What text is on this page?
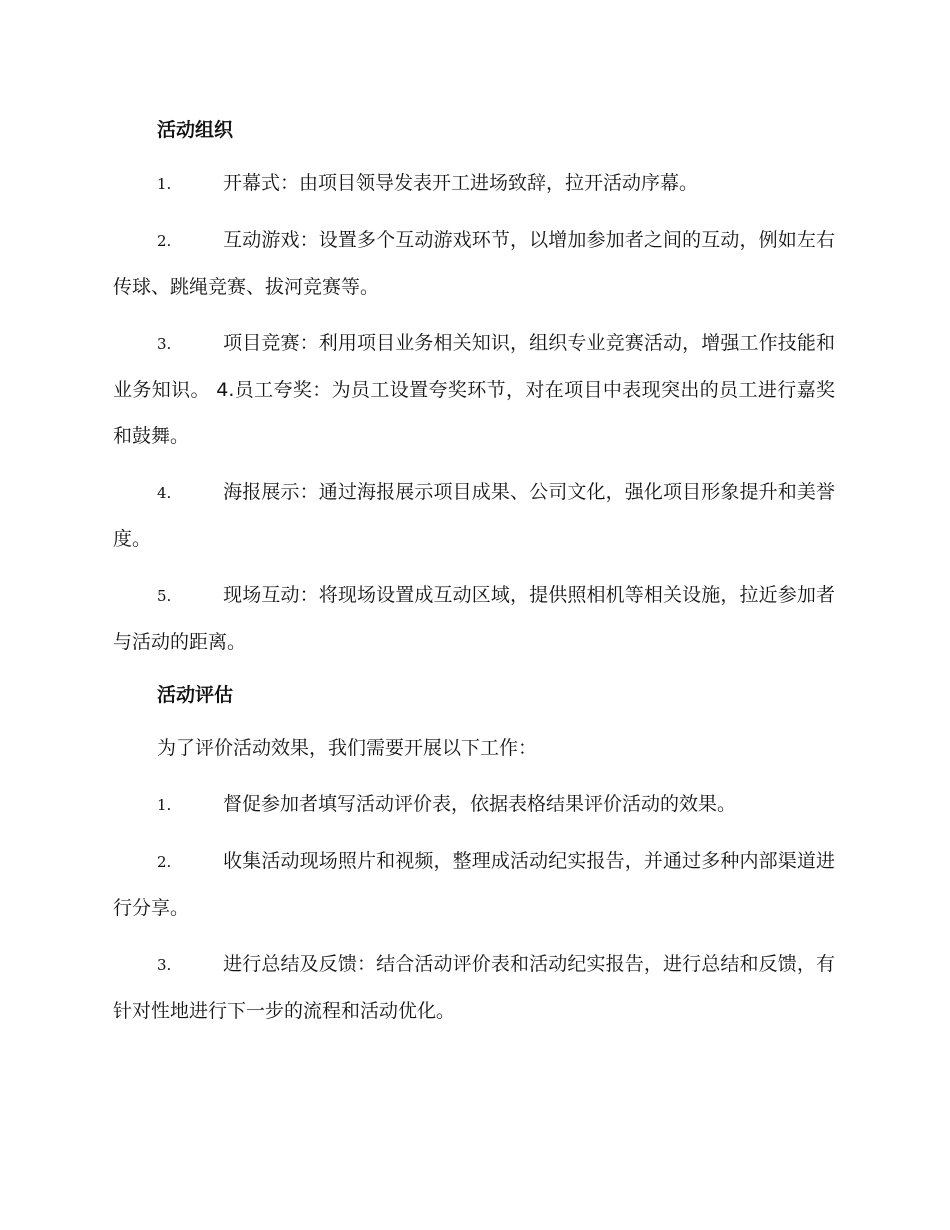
活动组织

1.	开幕式：由项目领导发表开工进场致辞，拉开活动序幕。

2.	互动游戏：设置多个互动游戏环节，以增加参加者之间的互动，例如左右传球、跳绳竞赛、拔河竞赛等。

3.	项目竞赛：利用项目业务相关知识，组织专业竞赛活动，增强工作技能和业务知识。 4.员工夸奖：为员工设置夸奖环节，对在项目中表现突出的员工进行嘉奖和鼓舞。

4.	海报展示：通过海报展示项目成果、公司文化，强化项目形象提升和美誉度。

5.	现场互动：将现场设置成互动区域，提供照相机等相关设施，拉近参加者与活动的距离。

活动评估

为了评价活动效果，我们需要开展以下工作：

1.	督促参加者填写活动评价表，依据表格结果评价活动的效果。

2.	收集活动现场照片和视频，整理成活动纪实报告，并通过多种内部渠道进行分享。

3.	进行总结及反馈：结合活动评价表和活动纪实报告，进行总结和反馈，有针对性地进行下一步的流程和活动优化。
